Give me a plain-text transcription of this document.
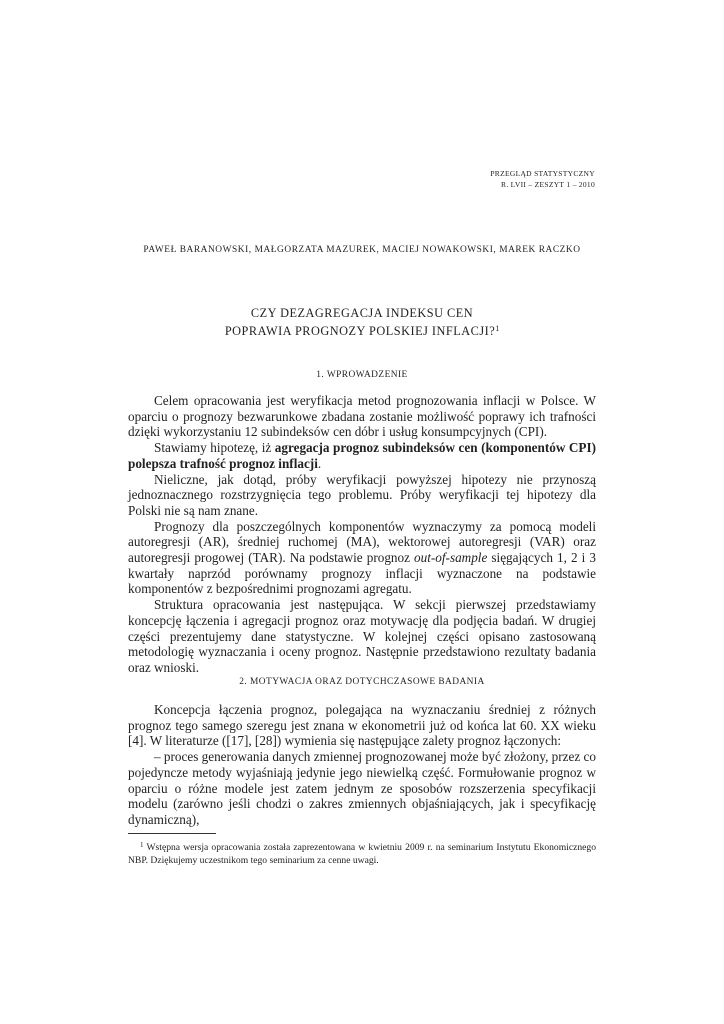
PRZEGLĄD STATYSTYCZNY
R. LVII – ZESZYT 1 – 2010
PAWEŁ BARANOWSKI, MAŁGORZATA MAZUREK, MACIEJ NOWAKOWSKI, MAREK RACZKO
CZY DEZAGREGACJA INDEKSU CEN
POPRAWIA PROGNOZY POLSKIEJ INFLACJI?$^1$
1. WPROWADZENIE

Celem opracowania jest weryfikacja metod prognozowania inflacji w Polsce. W oparciu o prognozy bezwarunkowe zbadana zostanie możliwość poprawy ich trafności dzięki wykorzystaniu 12 subindeksów cen dóbr i usług konsumpcyjnych (CPI).

Stawiamy hipotezę, iż agregacja prognoz subindeksów cen (komponentów CPI) polepsza trafność prognoz inflacji.

Nieliczne, jak dotąd, próby weryfikacji powyższej hipotezy nie przynoszą jednoznacznego rozstrzygnięcia tego problemu. Próby weryfikacji tej hipotezy dla Polski nie są nam znane.

Prognozy dla poszczególnych komponentów wyznaczymy za pomocą modeli autoregresji (AR), średniej ruchomej (MA), wektorowej autoregresji (VAR) oraz autoregresji progowej (TAR). Na podstawie prognoz out-of-sample sięgających 1, 2 i 3 kwartały naprzód porównamy prognozy inflacji wyznaczone na podstawie komponentów z bezpośrednimi prognozami agregatu.

Struktura opracowania jest następująca. W sekcji pierwszej przedstawiamy koncepcję łączenia i agregacji prognoz oraz motywację dla podjęcia badań. W drugiej części prezentujemy dane statystyczne. W kolejnej części opisano zastosowaną metodologię wyznaczania i oceny prognoz. Następnie przedstawiono rezultaty badania oraz wnioski.

2. MOTYWACJA ORAZ DOTYCHCZASOWE BADANIA

Koncepcja łączenia prognoz, polegająca na wyznaczaniu średniej z różnych prognoz tego samego szeregu jest znana w ekonometrii już od końca lat 60. XX wieku [4]. W literaturze ([17], [28]) wymienia się następujące zalety prognoz łączonych:

– proces generowania danych zmiennej prognozowanej może być złożony, przez co pojedyncze metody wyjaśniają jedynie jego niewielką część. Formułowanie prognoz w oparciu o różne modele jest zatem jednym ze sposobów rozszerzenia specyfikacji modelu (zarówno jeśli chodzi o zakres zmiennych objaśniających, jak i specyfikację dynamiczną),

$^1$ Wstępna wersja opracowania została zaprezentowana w kwietniu 2009 r. na seminarium Instytutu Ekonomicznego NBP. Dziękujemy uczestnikom tego seminarium za cenne uwagi.
